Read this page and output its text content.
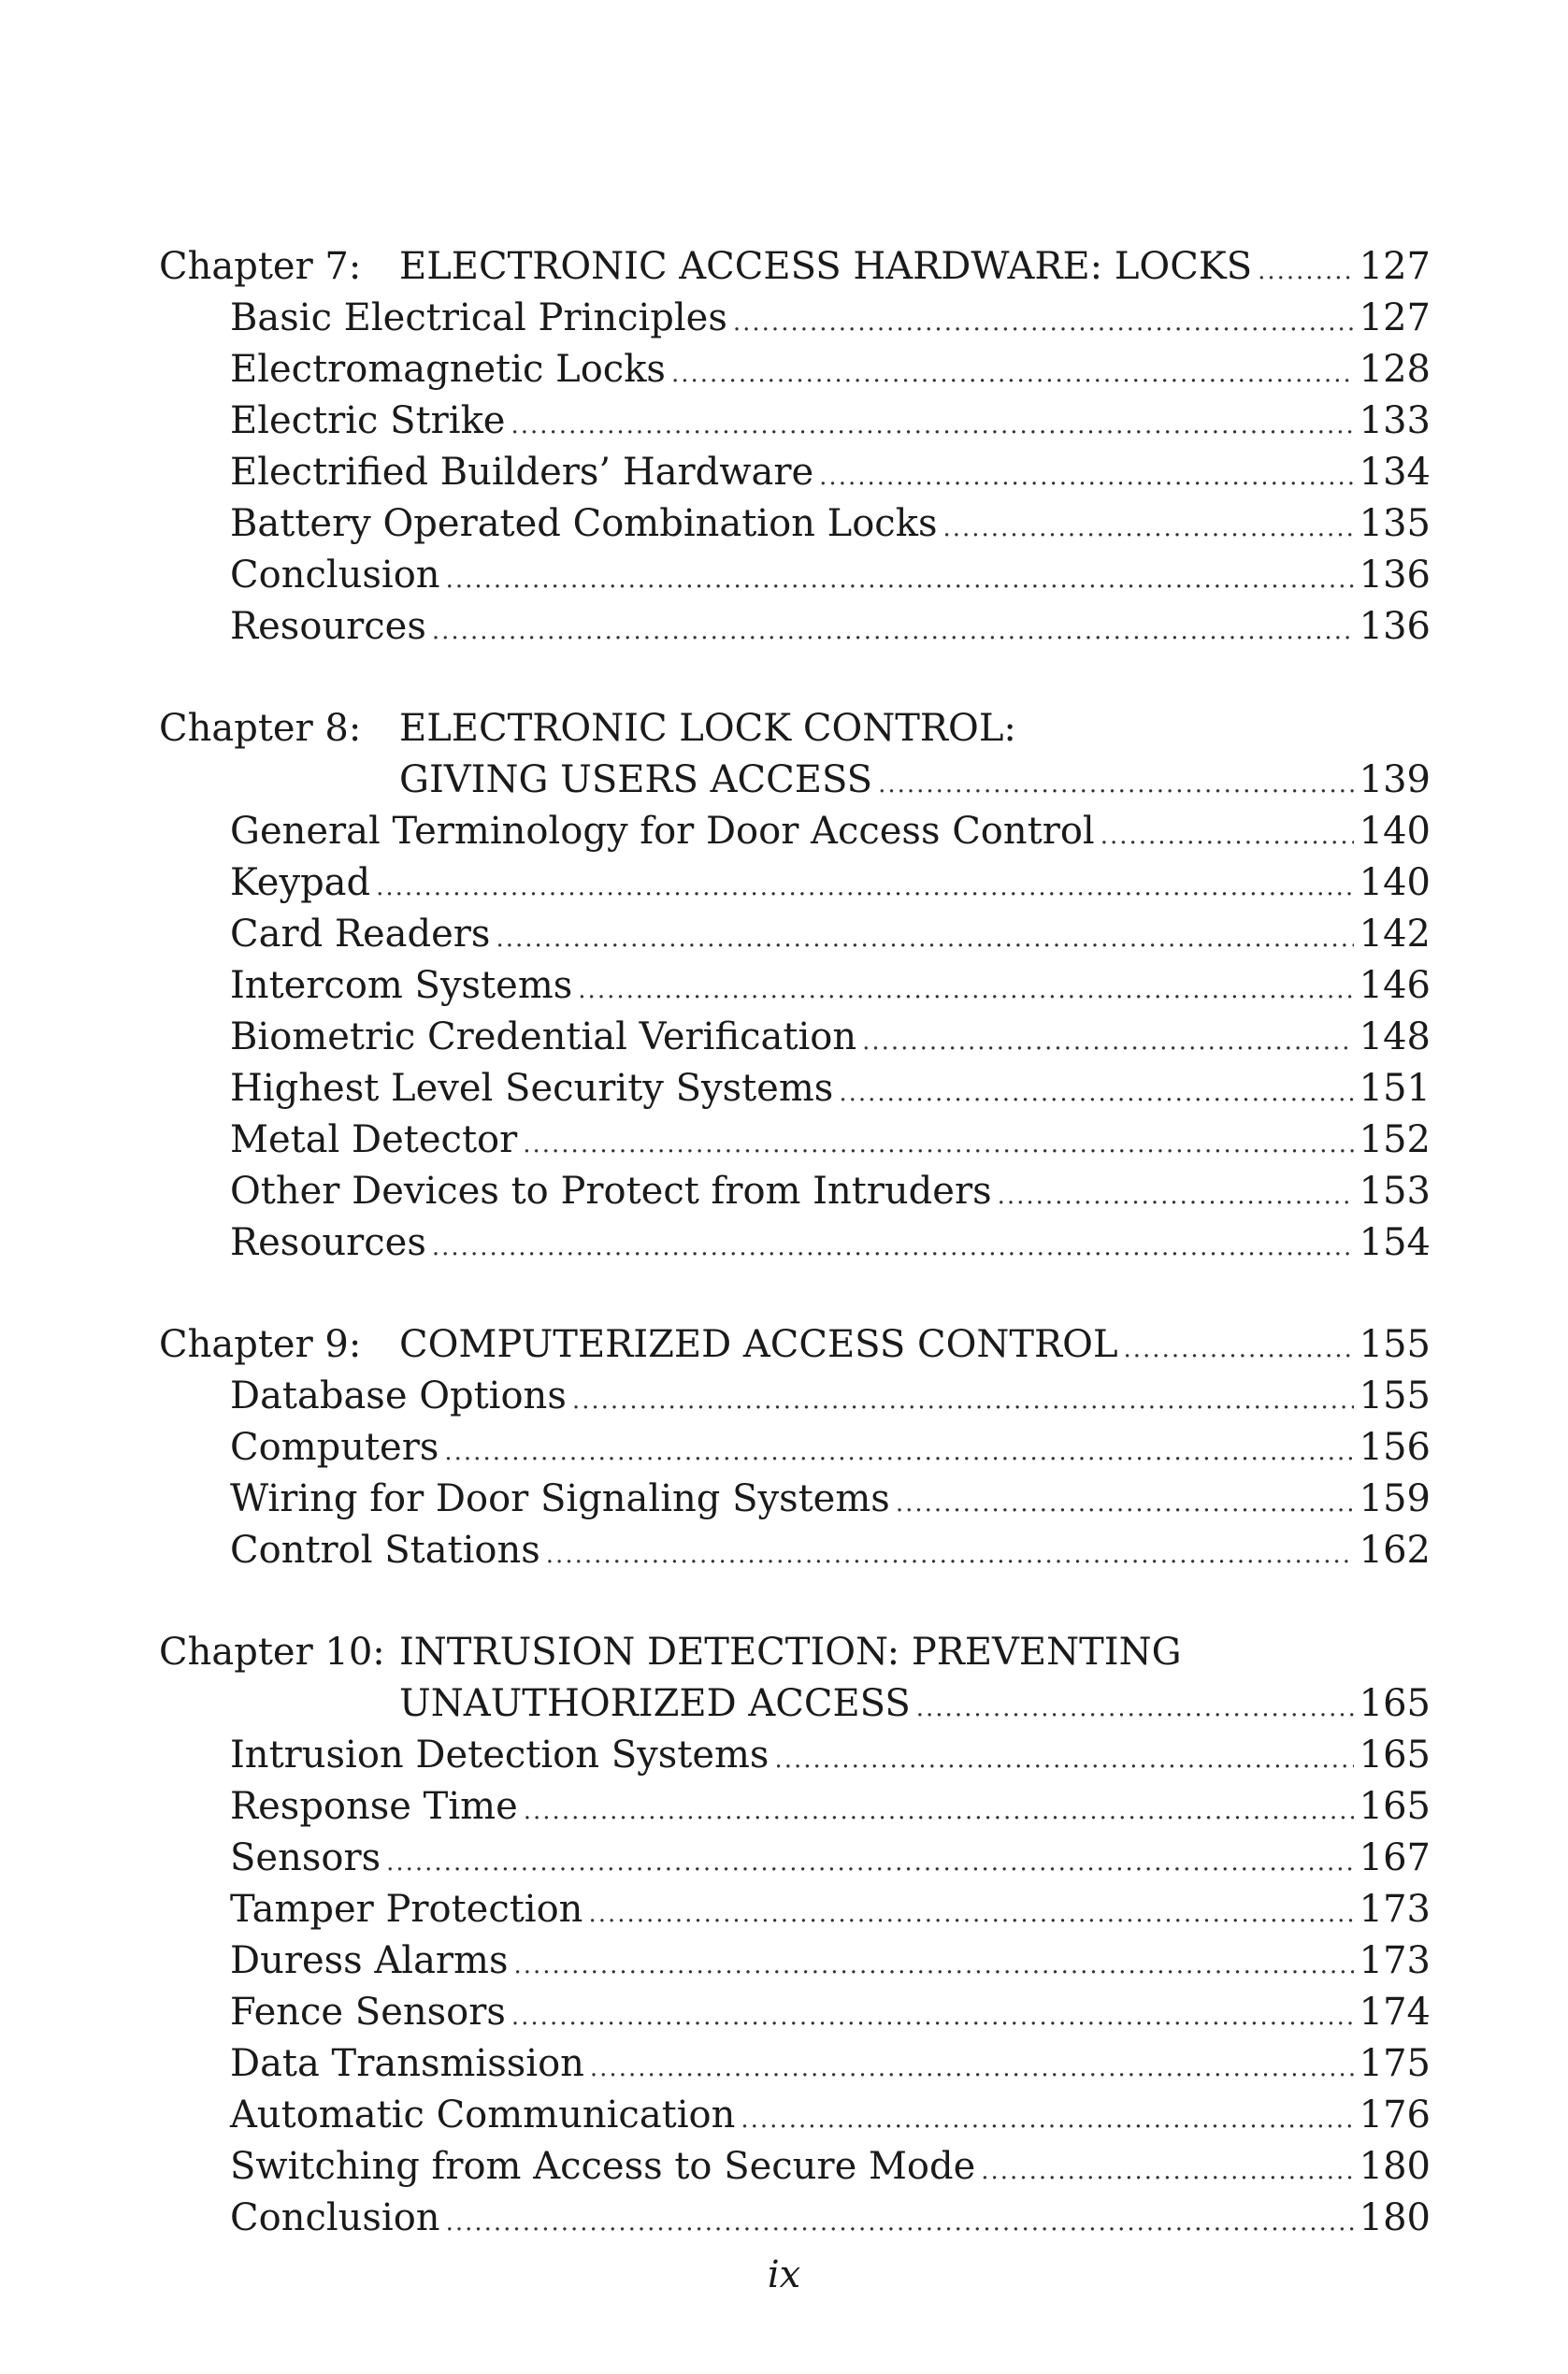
Chapter 7:	ELECTRONIC ACCESS HARDWARE: LOCKS .....	127
Basic Electrical Principles .....	127
Electromagnetic Locks .....	128
Electric Strike .....	133
Electrified Builders’ Hardware .....	134
Battery Operated Combination Locks .....	135
Conclusion .....	136
Resources .....	136
Chapter 8:	ELECTRONIC LOCK CONTROL:
GIVING USERS ACCESS .....	139
General Terminology for Door Access Control .....	140
Keypad .....	140
Card Readers .....	142
Intercom Systems .....	146
Biometric Credential Verification .....	148
Highest Level Security Systems .....	151
Metal Detector .....	152
Other Devices to Protect from Intruders .....	153
Resources .....	154
Chapter 9:	COMPUTERIZED ACCESS CONTROL .....	155
Database Options .....	155
Computers .....	156
Wiring for Door Signaling Systems .....	159
Control Stations .....	162
Chapter 10: INTRUSION DETECTION: PREVENTING
UNAUTHORIZED ACCESS .....	165
Intrusion Detection Systems .....	165
Response Time .....	165
Sensors .....	167
Tamper Protection .....	173
Duress Alarms .....	173
Fence Sensors .....	174
Data Transmission .....	175
Automatic Communication .....	176
Switching from Access to Secure Mode .....	180
Conclusion .....	180
ix
